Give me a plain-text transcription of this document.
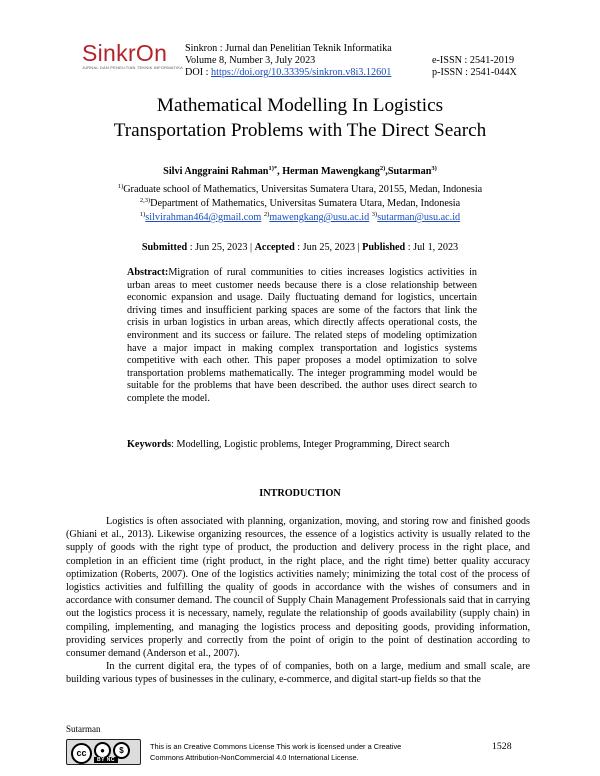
SinkrOn
JURNAL DAN PENELITIAN TEKNIK INFORMATIKA
Sinkron : Jurnal dan Penelitian Teknik Informatika
Volume 8, Number 3, July 2023
DOI : https://doi.org/10.33395/sinkron.v8i3.12601
e-ISSN : 2541-2019
p-ISSN : 2541-044X
Mathematical Modelling In Logistics
Transportation Problems with The Direct Search
Silvi Anggraini Rahman$^{1)*}$, Herman Mawengkang$^{2)}$,Sutarman$^{3)}$
$^{1)}$Graduate school of Mathematics, Universitas Sumatera Utara, 20155, Medan, Indonesia
$^{2,3)}$Department of Mathematics, Universitas Sumatera Utara, Medan, Indonesia
$^{1)}$silvirahman464@gmail.com $^{2)}$mawengkang@usu.ac.id $^{3)}$sutarman@usu.ac.id
Submitted : Jun 25, 2023 | Accepted : Jun 25, 2023 | Published : Jul 1, 2023
Abstract:Migration of rural communities to cities increases logistics activities in urban areas to meet customer needs because there is a close relationship between economic expansion and usage. Daily fluctuating demand for logistics, uncertain driving times and insufficient parking spaces are some of the factors that link the crisis in urban logistics in urban areas, which directly affects operational costs, the environment and its success or failure. The related steps of modeling optimization have a major impact in making complex transportation and logistics systems competitive with each other. This paper proposes a model optimization to solve transportation problems mathematically. The integer programming model would be suitable for the problems that have been described. the author uses direct search to complete the model.
Keywords: Modelling, Logistic problems, Integer Programming, Direct search
INTRODUCTION

Logistics is often associated with planning, organization, moving, and storing row and finished goods (Ghiani et al., 2013). Likewise organizing resources, the essence of a logistics activity is usually related to the supply of goods with the right type of product, the production and delivery process in the right place, and completion in an efficient time (right product, in the right place, and the right time) better quality accuracy optimization (Roberts, 2007). One of the logistics activities namely; minimizing the total cost of the process of logistics activities and fulfilling the quality of goods in accordance with the wishes of consumers and in accordance with consumer demand. The council of Supply Chain Management Professionals said that in carrying out the logistics process it is necessary, namely, regulate the relationship of goods availability (supply chain) in compiling, implementing, and managing the logistics process and depositing goods, providing information, providing services properly and correctly from the point of origin to the point of destination according to consumer demand (Anderson et al., 2007).

In the current digital era, the types of of companies, both on a large, medium and small scale, are building various types of businesses in the culinary, e-commerce, and digital start-up fields so that the

Sutarman
cc	●	$
BY NC
This is an Creative Commons License This work is licensed under a Creative
Commons Attribution-NonCommercial 4.0 International License.
1528
